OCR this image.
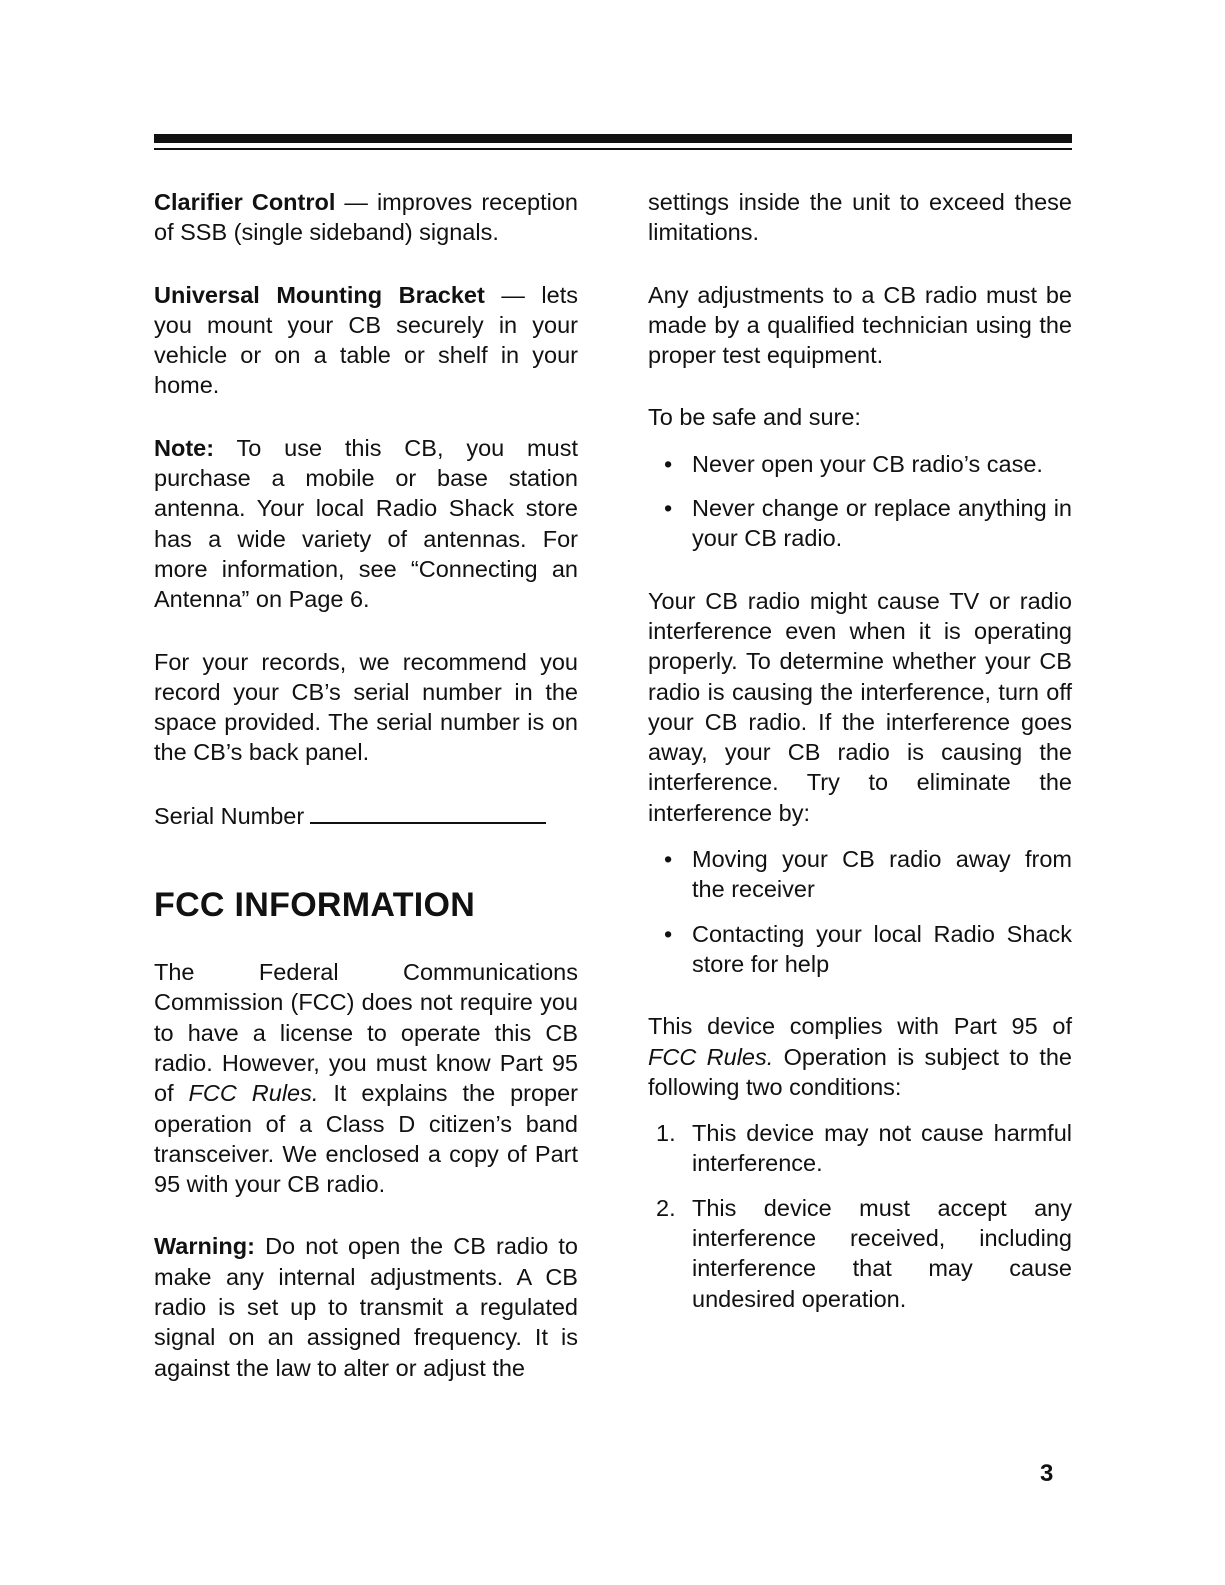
Clarifier Control — improves reception of SSB (single sideband) signals.

Universal Mounting Bracket — lets you mount your CB securely in your vehicle or on a table or shelf in your home.

Note: To use this CB, you must purchase a mobile or base station antenna. Your local Radio Shack store has a wide variety of antennas. For more information, see “Connecting an Antenna” on Page 6.

For your records, we recommend you record your CB’s serial number in the space provided. The serial number is on the CB’s back panel.

Serial Number

FCC INFORMATION

The Federal Communications Commission (FCC) does not require you to have a license to operate this CB radio. However, you must know Part 95 of FCC Rules. It explains the proper operation of a Class D citizen’s band transceiver. We enclosed a copy of Part 95 with your CB radio.

Warning: Do not open the CB radio to make any internal adjustments. A CB radio is set up to transmit a regulated signal on an assigned frequency. It is against the law to alter or adjust the

settings inside the unit to exceed these limitations.

Any adjustments to a CB radio must be made by a qualified technician using the proper test equipment.

To be safe and sure:

• Never open your CB radio’s case.
• Never change or replace anything in your CB radio.

Your CB radio might cause TV or radio interference even when it is operating properly. To determine whether your CB radio is causing the interference, turn off your CB radio. If the interference goes away, your CB radio is causing the interference. Try to eliminate the interference by:

• Moving your CB radio away from the receiver
• Contacting your local Radio Shack store for help

This device complies with Part 95 of FCC Rules. Operation is subject to the following two conditions:

1. This device may not cause harmful interference.
2. This device must accept any interference received, including interference that may cause undesired operation.
3
